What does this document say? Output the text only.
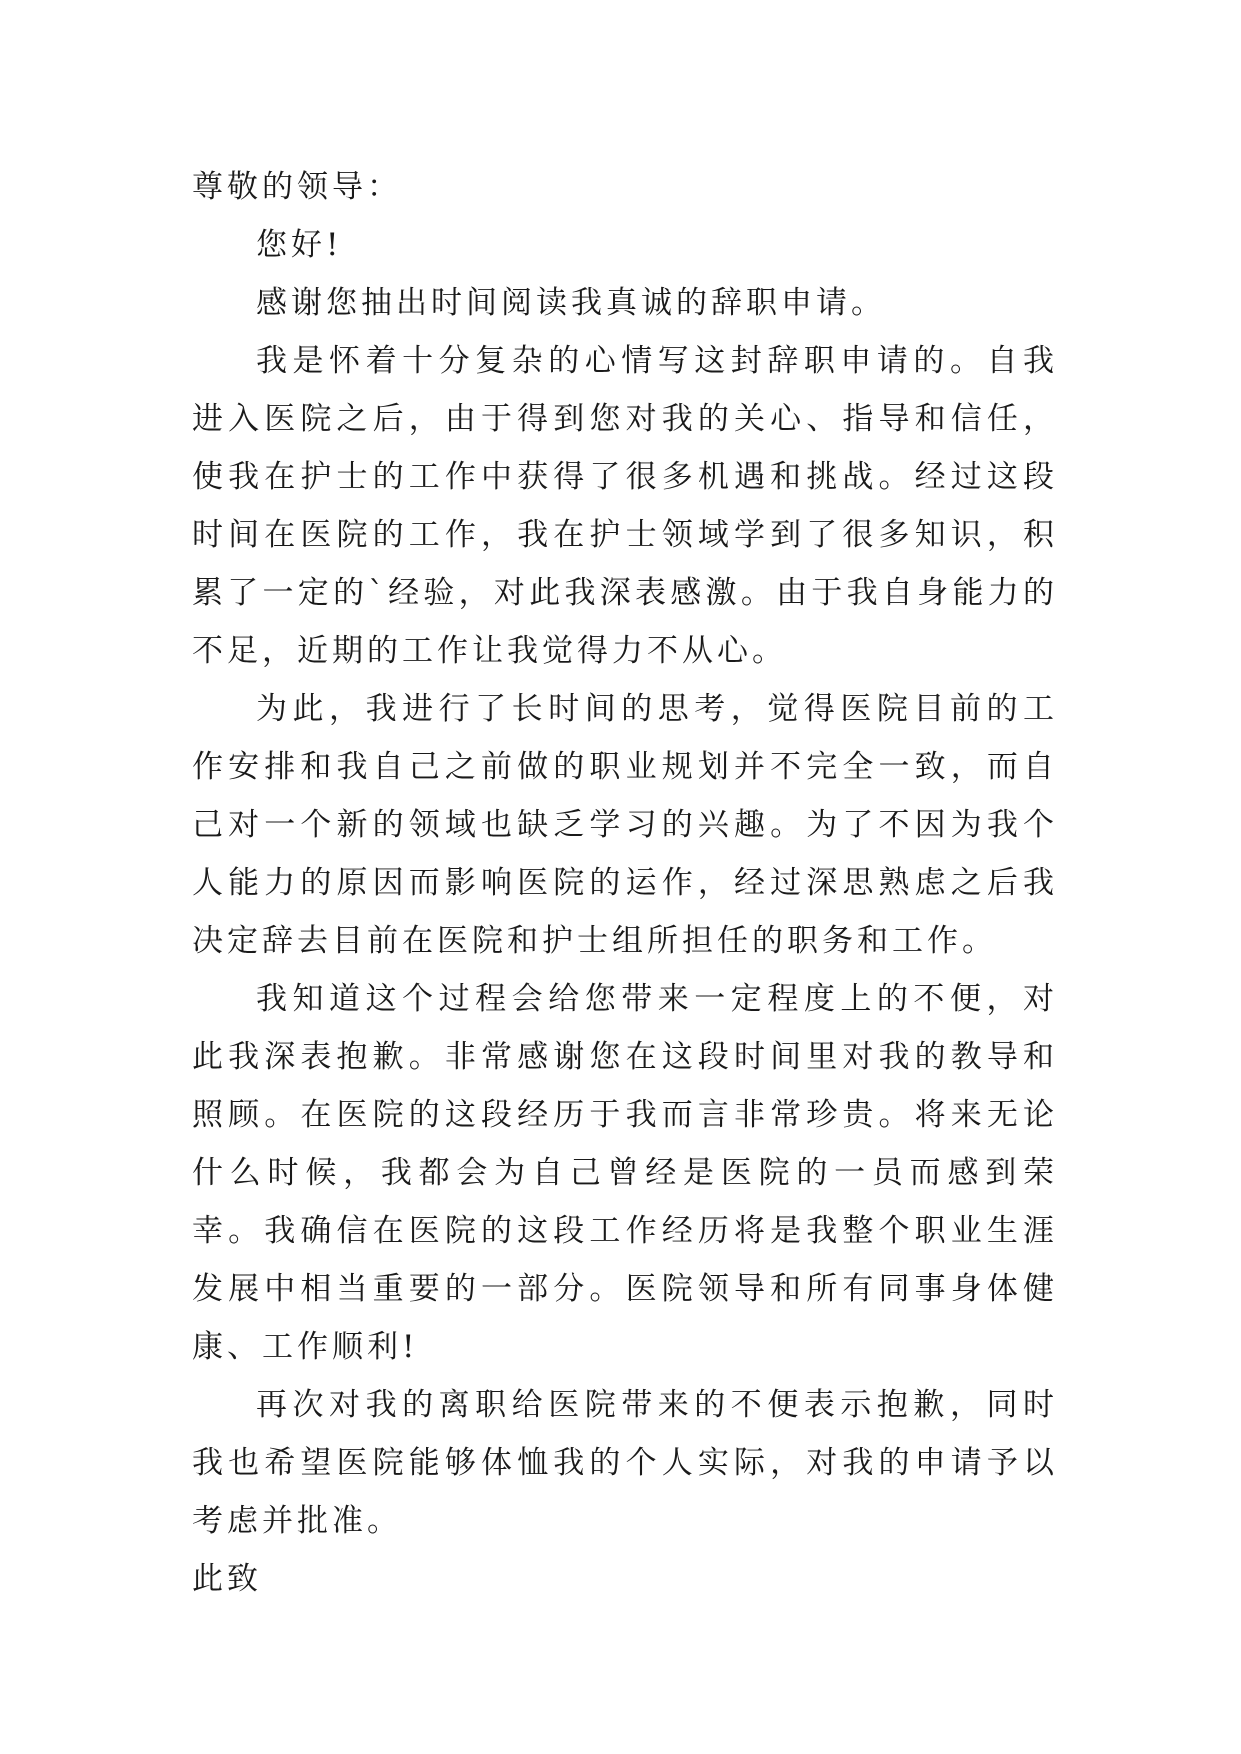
尊敬的领导：
您好!

感谢您抽出时间阅读我真诚的辞职申请。

我是怀着十分复杂的心情写这封辞职申请的。自我进入医院之后，由于得到您对我的关心、指导和信任，使我在护士的工作中获得了很多机遇和挑战。经过这段时间在医院的工作，我在护士领域学到了很多知识，积累了一定的`经验，对此我深表感激。由于我自身能力的不足，近期的工作让我觉得力不从心。

为此，我进行了长时间的思考，觉得医院目前的工作安排和我自己之前做的职业规划并不完全一致，而自己对一个新的领域也缺乏学习的兴趣。为了不因为我个人能力的原因而影响医院的运作，经过深思熟虑之后我决定辞去目前在医院和护士组所担任的职务和工作。

我知道这个过程会给您带来一定程度上的不便，对此我深表抱歉。非常感谢您在这段时间里对我的教导和照顾。在医院的这段经历于我而言非常珍贵。将来无论什么时候，我都会为自己曾经是医院的一员而感到荣幸。我确信在医院的这段工作经历将是我整个职业生涯发展中相当重要的一部分。医院领导和所有同事身体健康、工作顺利!

再次对我的离职给医院带来的不便表示抱歉，同时我也希望医院能够体恤我的个人实际，对我的申请予以考虑并批准。

此致
